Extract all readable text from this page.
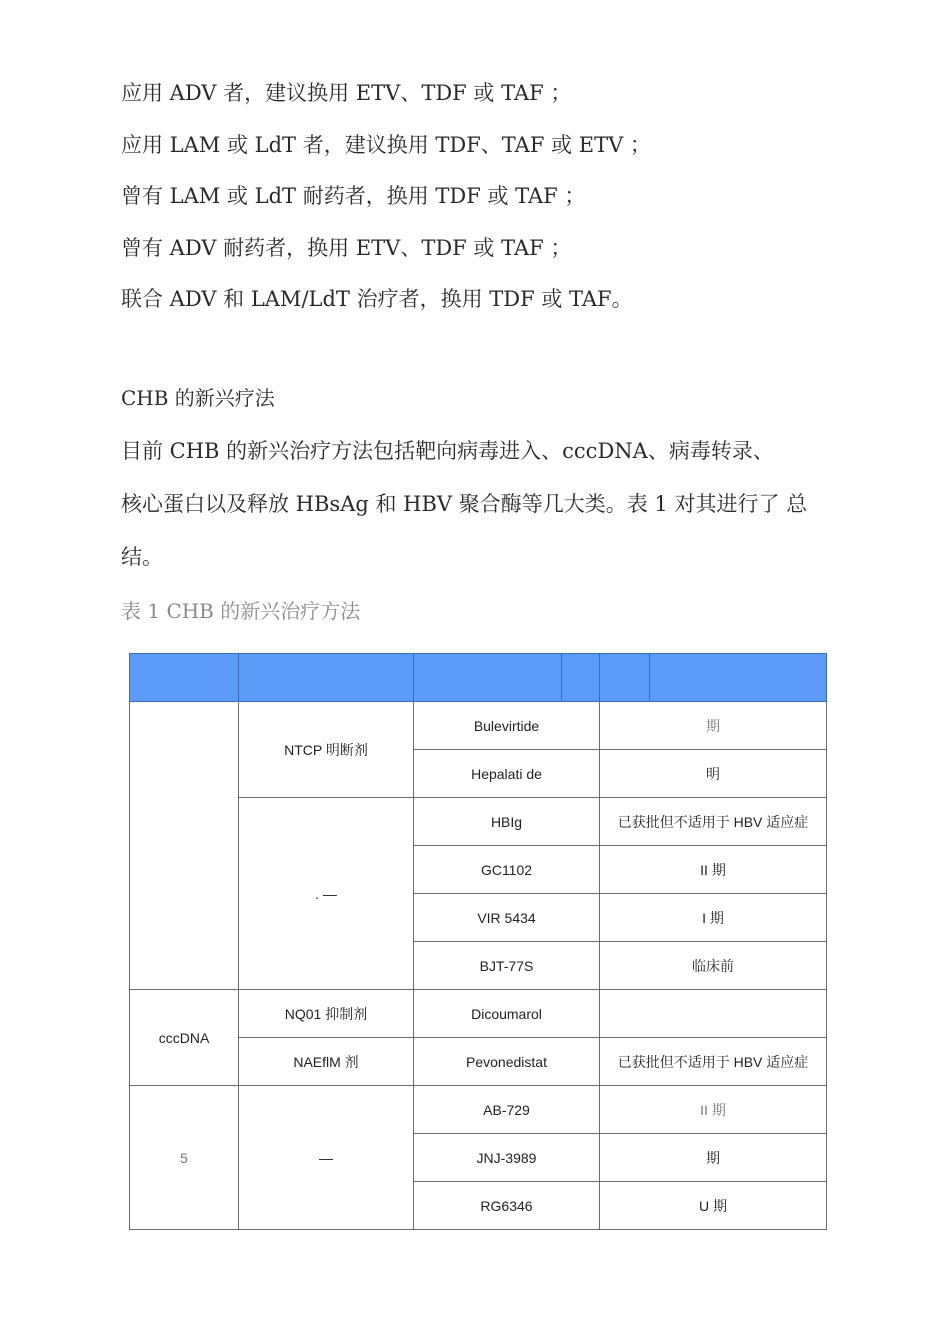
应用 ADV 者，建议换用 ETV、TDF 或 TAF ；

应用 LAM 或 LdT 者，建议换用 TDF、TAF 或 ETV ；

曾有 LAM 或 LdT 耐药者，换用 TDF 或 TAF ；

曾有 ADV 耐药者，换用 ETV、TDF 或 TAF ；

联合 ADV 和 LAM/LdT 治疗者，换用 TDF 或 TAF。

CHB 的新兴疗法

目前 CHB 的新兴治疗方法包括靶向病毒进入、cccDNA、病毒转录、

核心蛋白以及释放 HBsAg 和 HBV 聚合酶等几大类。表 1 对其进行了 总

结。

表 1 CHB 的新兴治疗方法

	NTCP 明断剂	Bulevirtide		期	
		Hepalati de		明	
	. —	HBIg		已获批但不适用于 HBV 适应症	
		GC1102		II 期	
		VIR 5434		I 期	
		BJT-77S		临床前	
cccDNA	NQ01 抑制剂	Dicoumarol			
	NAEflM 剂	Pevonedistat		已获批但不适用于 HBV 适应症	
5	—	AB-729		II 期	
		JNJ-3989		期	
		RG6346		U 期	
